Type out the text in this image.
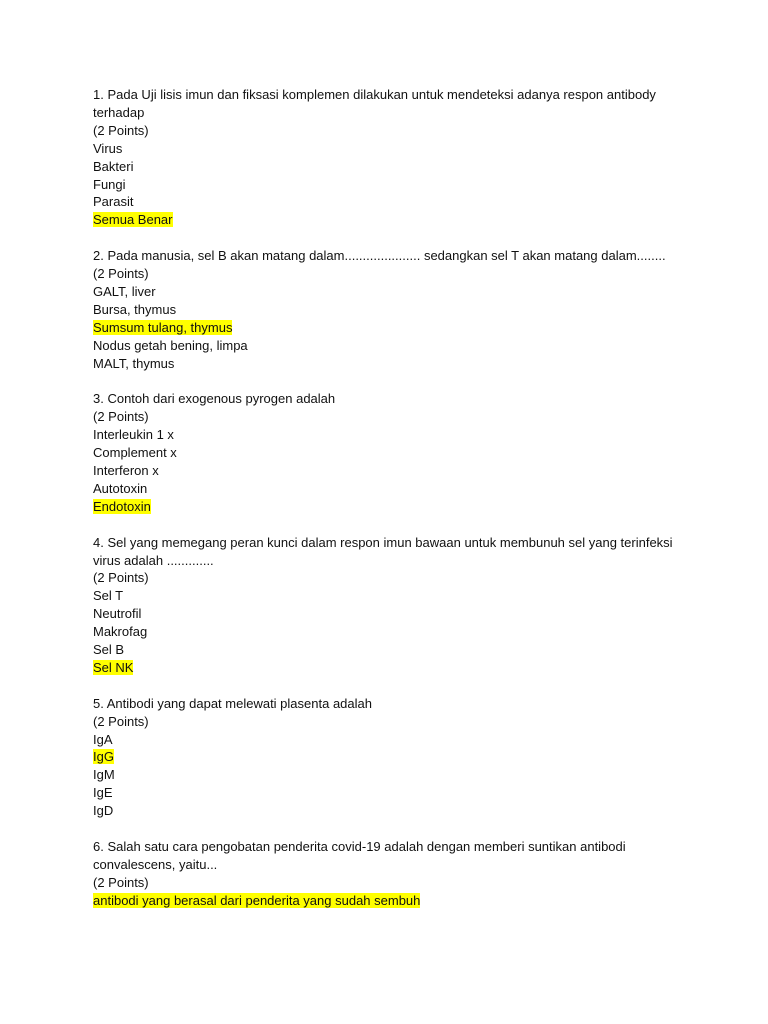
1. Pada Uji lisis imun dan fiksasi komplemen dilakukan untuk mendeteksi adanya respon antibody terhadap
(2 Points)
Virus
Bakteri
Fungi
Parasit
Semua Benar
2. Pada manusia, sel B akan matang dalam..................... sedangkan sel T akan matang dalam........
(2 Points)
GALT, liver
Bursa, thymus
Sumsum tulang, thymus
Nodus getah bening, limpa
MALT, thymus
3. Contoh dari exogenous pyrogen adalah
(2 Points)
Interleukin 1 x
Complement x
Interferon x
Autotoxin
Endotoxin
4. Sel yang memegang peran kunci dalam respon imun bawaan untuk membunuh sel yang terinfeksi virus adalah .............
(2 Points)
Sel T
Neutrofil
Makrofag
Sel B
Sel NK
5. Antibodi yang dapat melewati plasenta adalah
(2 Points)
IgA
IgG
IgM
IgE
IgD
6. Salah satu cara pengobatan penderita covid-19 adalah dengan memberi suntikan antibodi convalescens, yaitu...
(2 Points)
antibodi yang berasal dari penderita yang sudah sembuh
